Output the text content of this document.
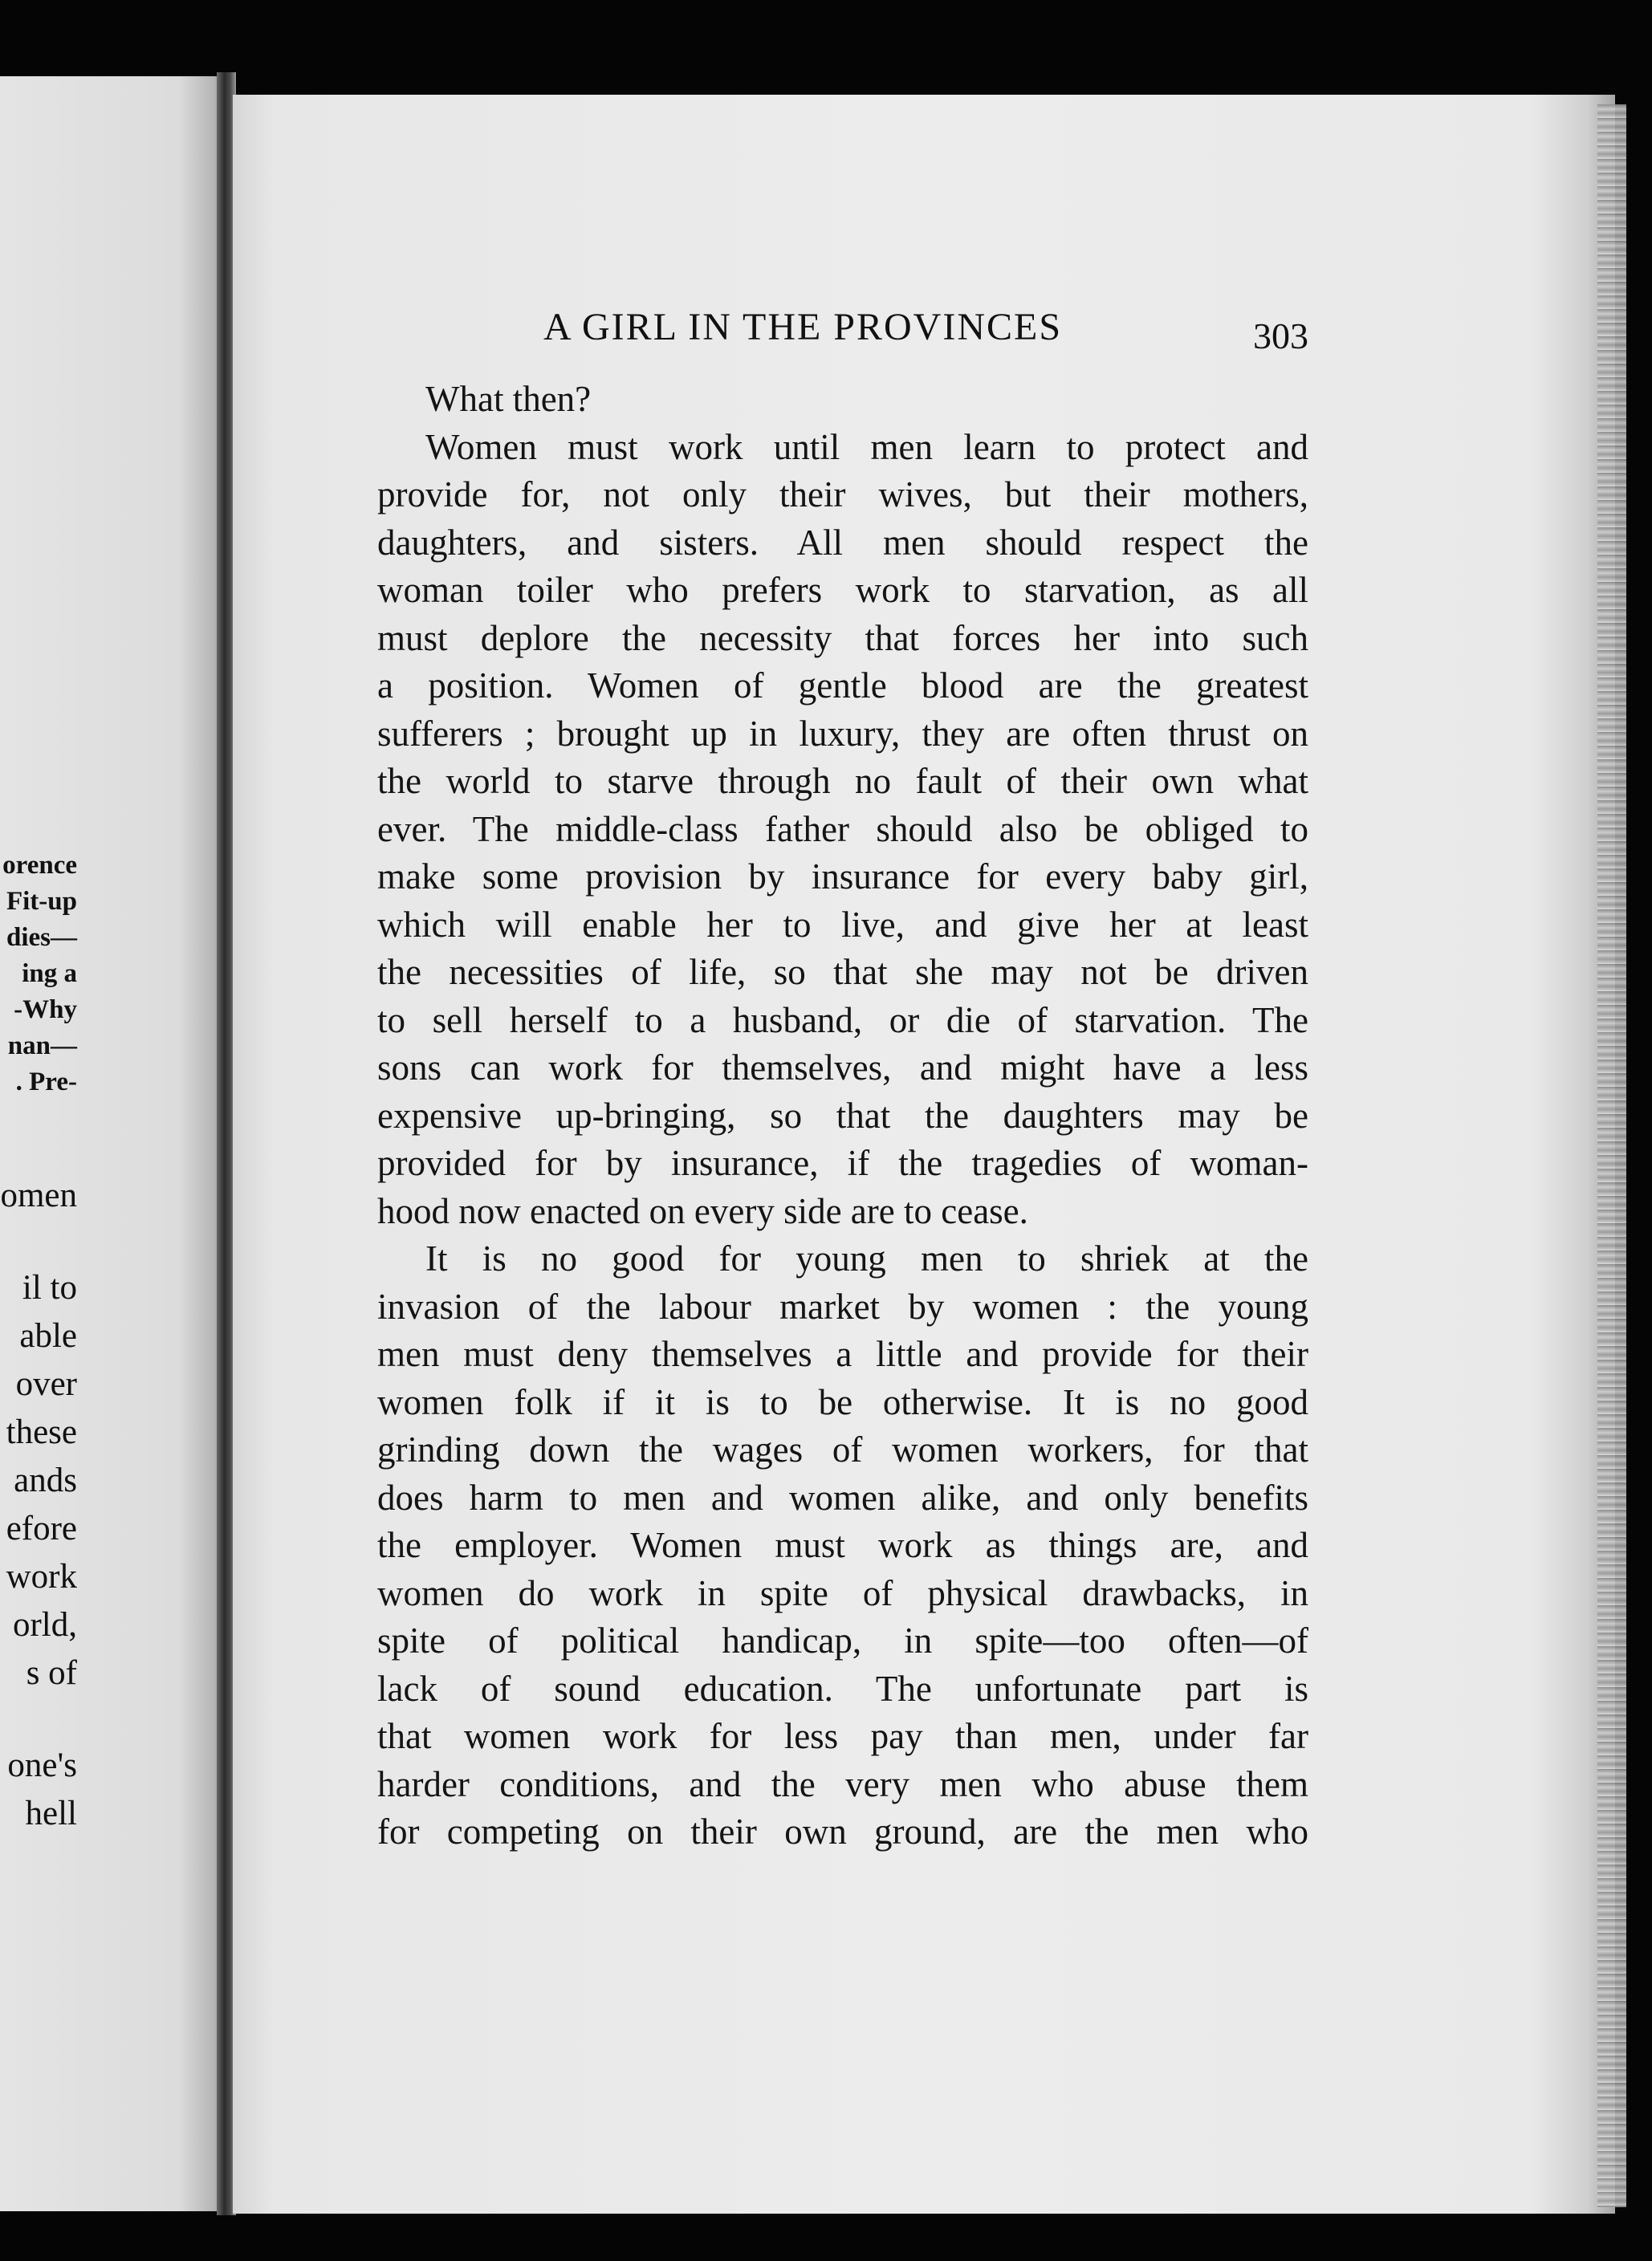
orence
Fit-up
dies—
ing a
-Why
nan—
. Pre-
omen
il to
able
over
these
ands
efore
work
orld,
s of
one's
hell
A GIRL IN THE PROVINCES	303
What then?
Women must work until men learn to protect and
provide for, not only their wives, but their mothers,
daughters, and sisters. All men should respect the
woman toiler who prefers work to starvation, as all
must deplore the necessity that forces her into such
a position. Women of gentle blood are the greatest
sufferers ; brought up in luxury, they are often thrust on
the world to starve through no fault of their own what
ever. The middle-class father should also be obliged to
make some provision by insurance for every baby girl,
which will enable her to live, and give her at least
the necessities of life, so that she may not be driven
to sell herself to a husband, or die of starvation. The
sons can work for themselves, and might have a less
expensive up-bringing, so that the daughters may be
provided for by insurance, if the tragedies of woman-
hood now enacted on every side are to cease.
It is no good for young men to shriek at the
invasion of the labour market by women : the young
men must deny themselves a little and provide for their
women folk if it is to be otherwise. It is no good
grinding down the wages of women workers, for that
does harm to men and women alike, and only benefits
the employer. Women must work as things are, and
women do work in spite of physical drawbacks, in
spite of political handicap, in spite—too often—of
lack of sound education. The unfortunate part is
that women work for less pay than men, under far
harder conditions, and the very men who abuse them
for competing on their own ground, are the men who
